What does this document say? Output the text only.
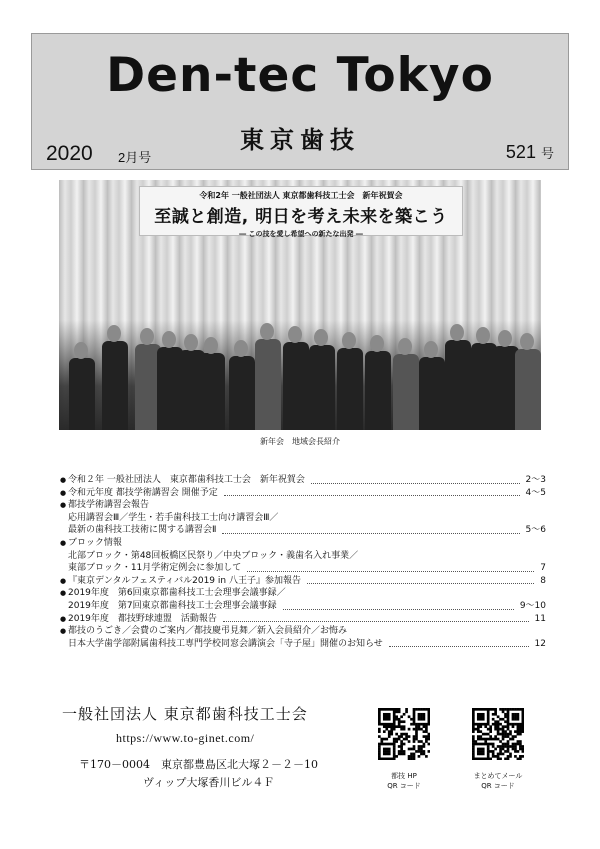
Den-tec Tokyo
東京歯技
2020 2月号	521 号
令和2年 一般社団法人 東京都歯科技工士会　新年祝賀会
至誠と創造, 明日を考え未来を築こう
― この技を愛し希望への新たな出発 ―
新年会　地域会長紹介
● 令和２年 一般社団法人　東京都歯科技工士会　新年祝賀会	2～3
● 令和元年度 都技学術講習会 開催予定	4～5
● 都技学術講習会報告
応用講習会Ⅲ／学生・若手歯科技工士向け講習会Ⅲ／
最新の歯科技工技術に関する講習会Ⅱ	5～6
● ブロック情報
北部ブロック・第48回板橋区民祭り／中央ブロック・義歯名入れ事業／
東部ブロック・11月学術定例会に参加して	7
● 『東京デンタルフェスティバル2019 in 八王子』参加報告	8
● 2019年度　第6回東京都歯科技工士会理事会議事録／
2019年度　第7回東京都歯科技工士会理事会議事録	9～10
● 2019年度　都技野球連盟　活動報告	11
● 都技のうごき／会費のご案内／都技慶弔見舞／新入会員紹介／お悔み
日本大学歯学部附属歯科技工専門学校同窓会講演会「寺子屋」開催のお知らせ	12
一般社団法人 東京都歯科技工士会
https://www.to-ginet.com/
〒170－0004　東京都豊島区北大塚２－２－10
ヴィップ大塚香川ビル４Ｆ	都技 HP
QR コード
まとめてメール
QR コード
